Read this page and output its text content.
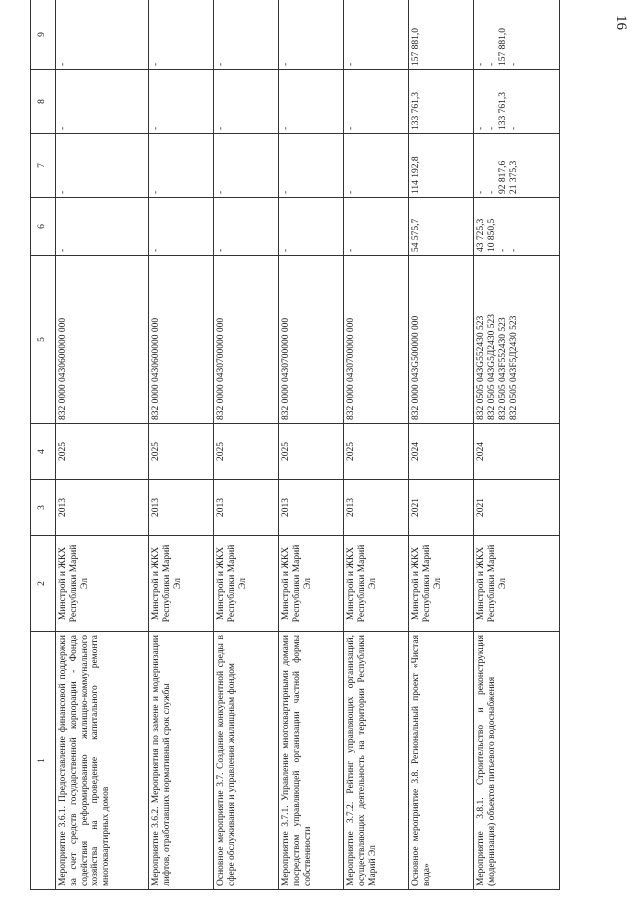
16
1	2	3	4	5	6	7	8	9
Мероприятие 3.6.1. Предоставление финансовой поддержки за счет средств государственной корпорации - Фонда содействия реформированию жилищно-коммунального хозяйства на проведение капитального ремонта многоквартирных домов	Минстрой и ЖКХ Республики Марий Эл	2013	2025	832 0000 0430600000 000	-	-	-	-

Мероприятие 3.6.2. Мероприятия по замене и модернизации лифтов, отработавших нормативный срок службы	Минстрой и ЖКХ Республики Марий Эл	2013	2025	832 0000 0430600000 000	-	-	-	-

Основное мероприятие 3.7. Создание конкурентной среды в сфере обслуживания и управления жилищным фондом	Минстрой и ЖКХ Республики Марий Эл	2013	2025	832 0000 0430700000 000	-	-	-	-

Мероприятие 3.7.1. Управление многоквартирными домами посредством управляющей организации частной формы собственности	Минстрой и ЖКХ Республики Марий Эл	2013	2025	832 0000 0430700000 000	-	-	-	-

Мероприятие 3.7.2. Рейтинг управляющих организаций, осуществляющих деятельность на территории Республики Марий Эл	Минстрой и ЖКХ Республики Марий Эл	2013	2025	832 0000 0430700000 000	-	-	-	-

Основное мероприятие 3.8. Региональный проект «Чистая вода»	Минстрой и ЖКХ Республики Марий Эл	2021	2024	832 0000 043G500000 000	54 575,7	114 192,8	133 761,3	157 881,0

Мероприятие 3.8.1. Строительство и реконструкция (модернизация) объектов питьевого водоснабжения	Минстрой и ЖКХ Республики Марий Эл	2021	2024	832 0505 043G552430 523 832 0505 043G5Д2430 523 832 0505 043F552430 523 832 0505 043F5Д2430 523	43 725,3 10 850,5 - -	- - 92 817,6 21 375,3	- - 133 761,3 -	- - 157 881,0 -
